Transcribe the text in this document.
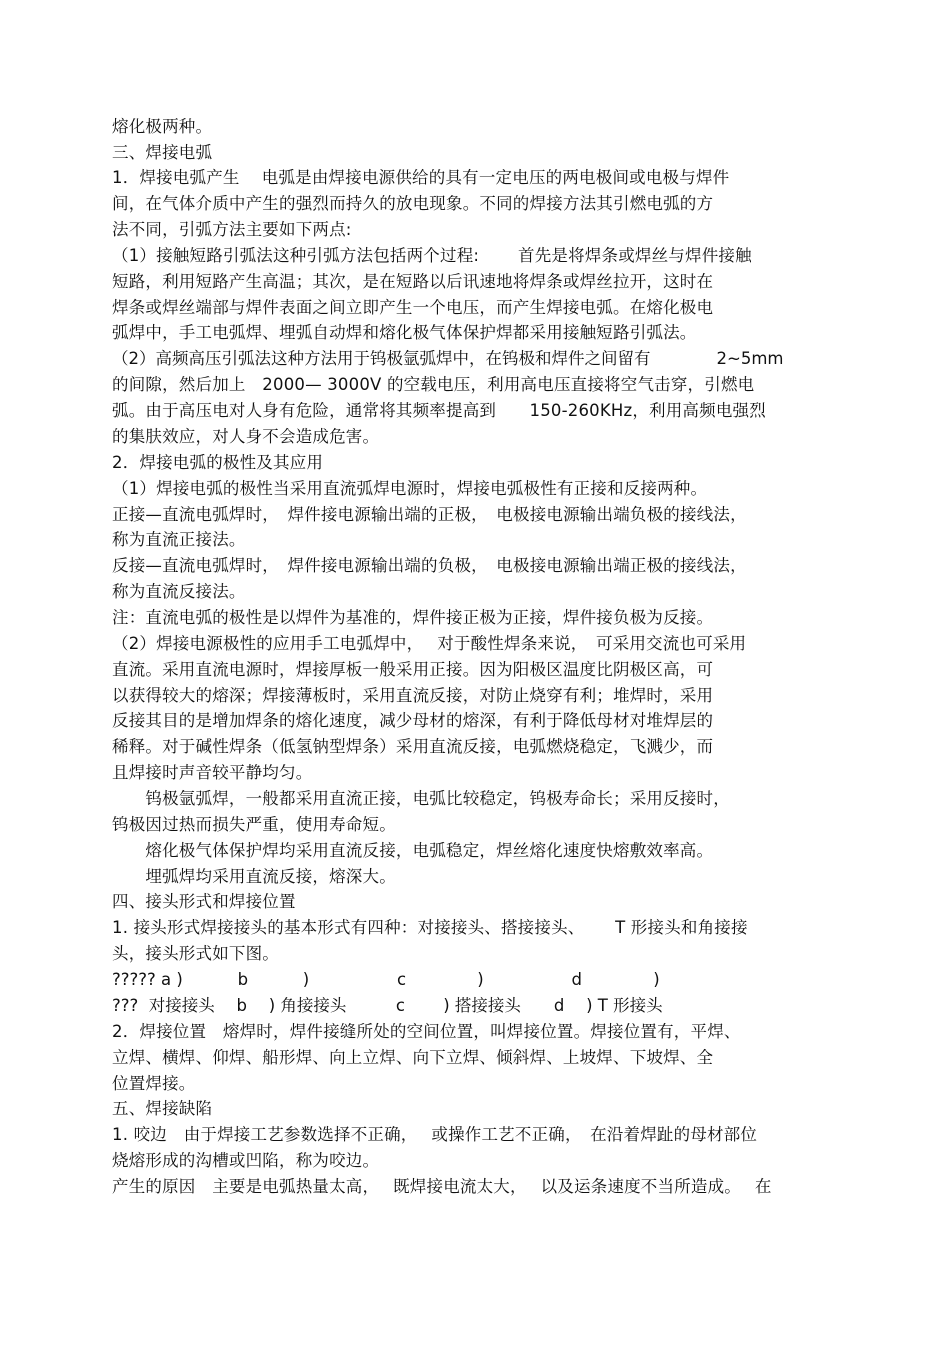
熔化极两种。
三、焊接电弧
1．焊接电弧产生　 电弧是由焊接电源供给的具有一定电压的两电极间或电极与焊件
间，在气体介质中产生的强烈而持久的放电现象。不同的焊接方法其引燃电弧的方
法不同，引弧方法主要如下两点:
（1）接触短路引弧法这种引弧方法包括两个过程:　　 首先是将焊条或焊丝与焊件接触
短路，利用短路产生高温；其次，是在短路以后讯速地将焊条或焊丝拉开，这时在
焊条或焊丝端部与焊件表面之间立即产生一个电压，而产生焊接电弧。在熔化极电
弧焊中，手工电弧焊、埋弧自动焊和熔化极气体保护焊都采用接触短路引弧法。
（2）高频高压引弧法这种方法用于钨极氩弧焊中，在钨极和焊件之间留有　　　　2~5mm
的间隙，然后加上　2000— 3000V 的空载电压，利用高电压直接将空气击穿，引燃电
弧。由于高压电对人身有危险，通常将其频率提高到　　150-260KHz，利用高频电强烈
的集肤效应，对人身不会造成危害。
2．焊接电弧的极性及其应用
（1）焊接电弧的极性当采用直流弧焊电源时，焊接电弧极性有正接和反接两种。
正接—直流电弧焊时，　焊件接电源输出端的正极，　电极接电源输出端负极的接线法，
称为直流正接法。
反接—直流电弧焊时，　焊件接电源输出端的负极，　电极接电源输出端正极的接线法，
称为直流反接法。
注：直流电弧的极性是以焊件为基准的，焊件接正极为正接，焊件接负极为反接。
（2）焊接电源极性的应用手工电弧焊中，　 对于酸性焊条来说，　可采用交流也可采用
直流。采用直流电源时，焊接厚板一般采用正接。因为阳极区温度比阴极区高，可
以获得较大的熔深；焊接薄板时，采用直流反接，对防止烧穿有利；堆焊时，采用
反接其目的是增加焊条的熔化速度，减少母材的熔深，有利于降低母材对堆焊层的
稀释。对于碱性焊条（低氢钠型焊条）采用直流反接，电弧燃烧稳定，飞溅少，而
且焊接时声音较平静均匀。
　　钨极氩弧焊，一般都采用直流正接，电弧比较稳定，钨极寿命长；采用反接时，
钨极因过热而损失严重，使用寿命短。
　　熔化极气体保护焊均采用直流反接，电弧稳定，焊丝熔化速度快熔敷效率高。
　　埋弧焊均采用直流反接，熔深大。
四、接头形式和焊接位置
1. 接头形式焊接接头的基本形式有四种：对接接头、搭接接头、　　 T 形接头和角接接
头，接头形式如下图。
????? a )　　　 b　　　 )　　　　　 c　　　　 )　　　　　 d　　　　 )
???  对接接头　 b　 ) 角接接头　　　c　　 ) 搭接接头　　d　 ) T 形接头
2．焊接位置　熔焊时，焊件接缝所处的空间位置，叫焊接位置。焊接位置有，平焊、
立焊、横焊、仰焊、船形焊、向上立焊、向下立焊、倾斜焊、上坡焊、下坡焊、全
位置焊接。
五、焊接缺陷
1. 咬边　由于焊接工艺参数选择不正确，　 或操作工艺不正确，　在沿着焊趾的母材部位
烧熔形成的沟槽或凹陷，称为咬边。
产生的原因　主要是电弧热量太高，　 既焊接电流太大，　 以及运条速度不当所造成。　 在
